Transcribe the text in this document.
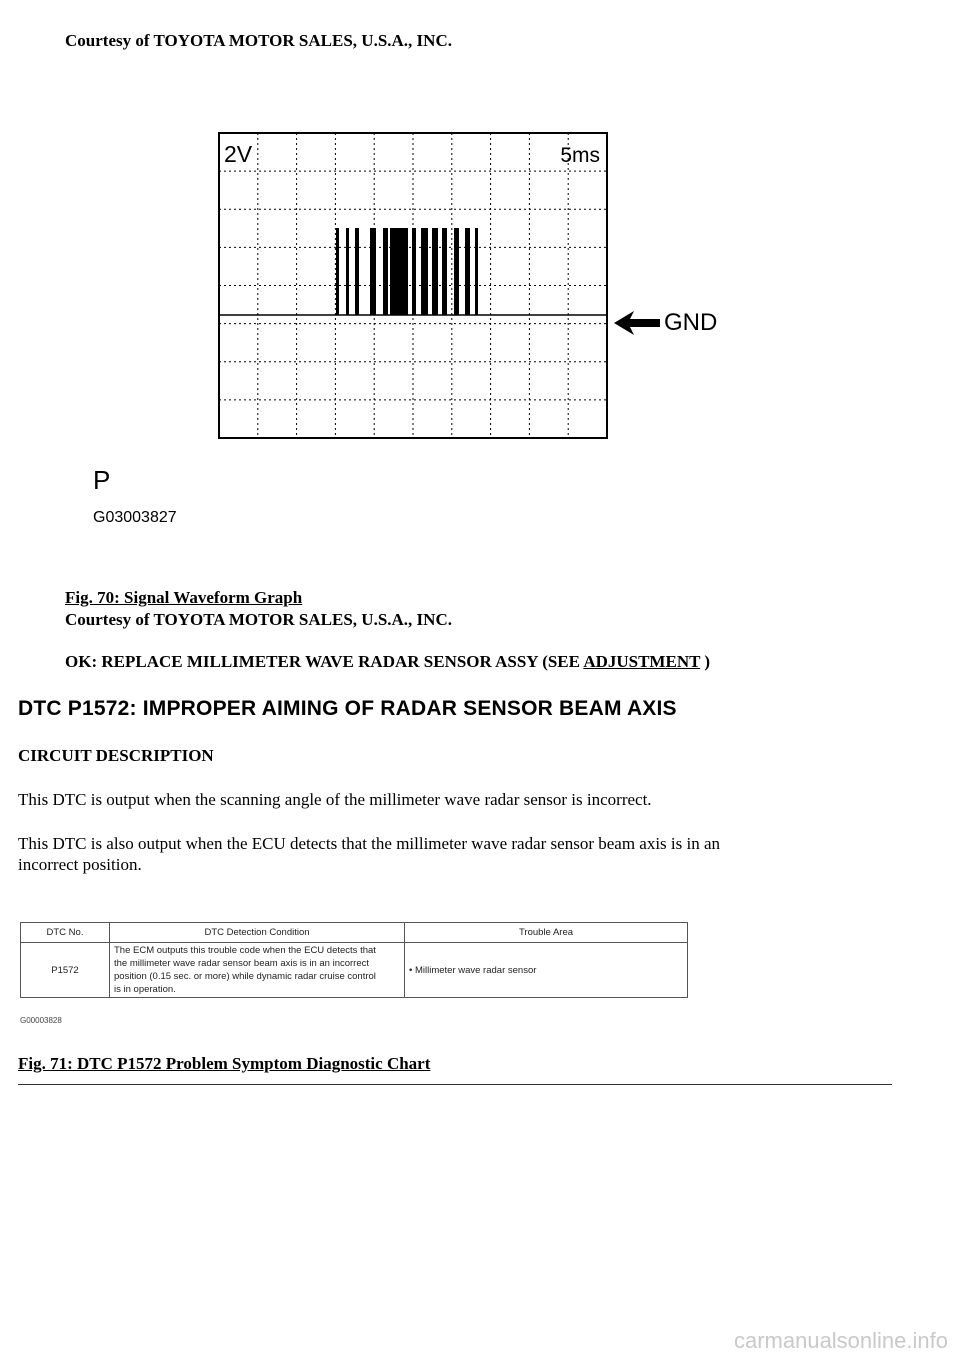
Courtesy of TOYOTA MOTOR SALES, U.S.A., INC.
2V	5ms
GND
P
G03003827
Fig. 70: Signal Waveform Graph
Courtesy of TOYOTA MOTOR SALES, U.S.A., INC.
OK: REPLACE MILLIMETER WAVE RADAR SENSOR ASSY (SEE ADJUSTMENT )
DTC P1572: IMPROPER AIMING OF RADAR SENSOR BEAM AXIS
CIRCUIT DESCRIPTION
This DTC is output when the scanning angle of the millimeter wave radar sensor is incorrect.
This DTC is also output when the ECU detects that the millimeter wave radar sensor beam axis is in an
incorrect position.
DTC No.	DTC Detection Condition	Trouble Area
P1572	The ECM outputs this trouble code when the ECU detects that
the millimeter wave radar sensor beam axis is in an incorrect
position (0.15 sec. or more) while dynamic radar cruise control
is in operation.	• Millimeter wave radar sensor
G00003828
Fig. 71: DTC P1572 Problem Symptom Diagnostic Chart
carmanualsonline.info
